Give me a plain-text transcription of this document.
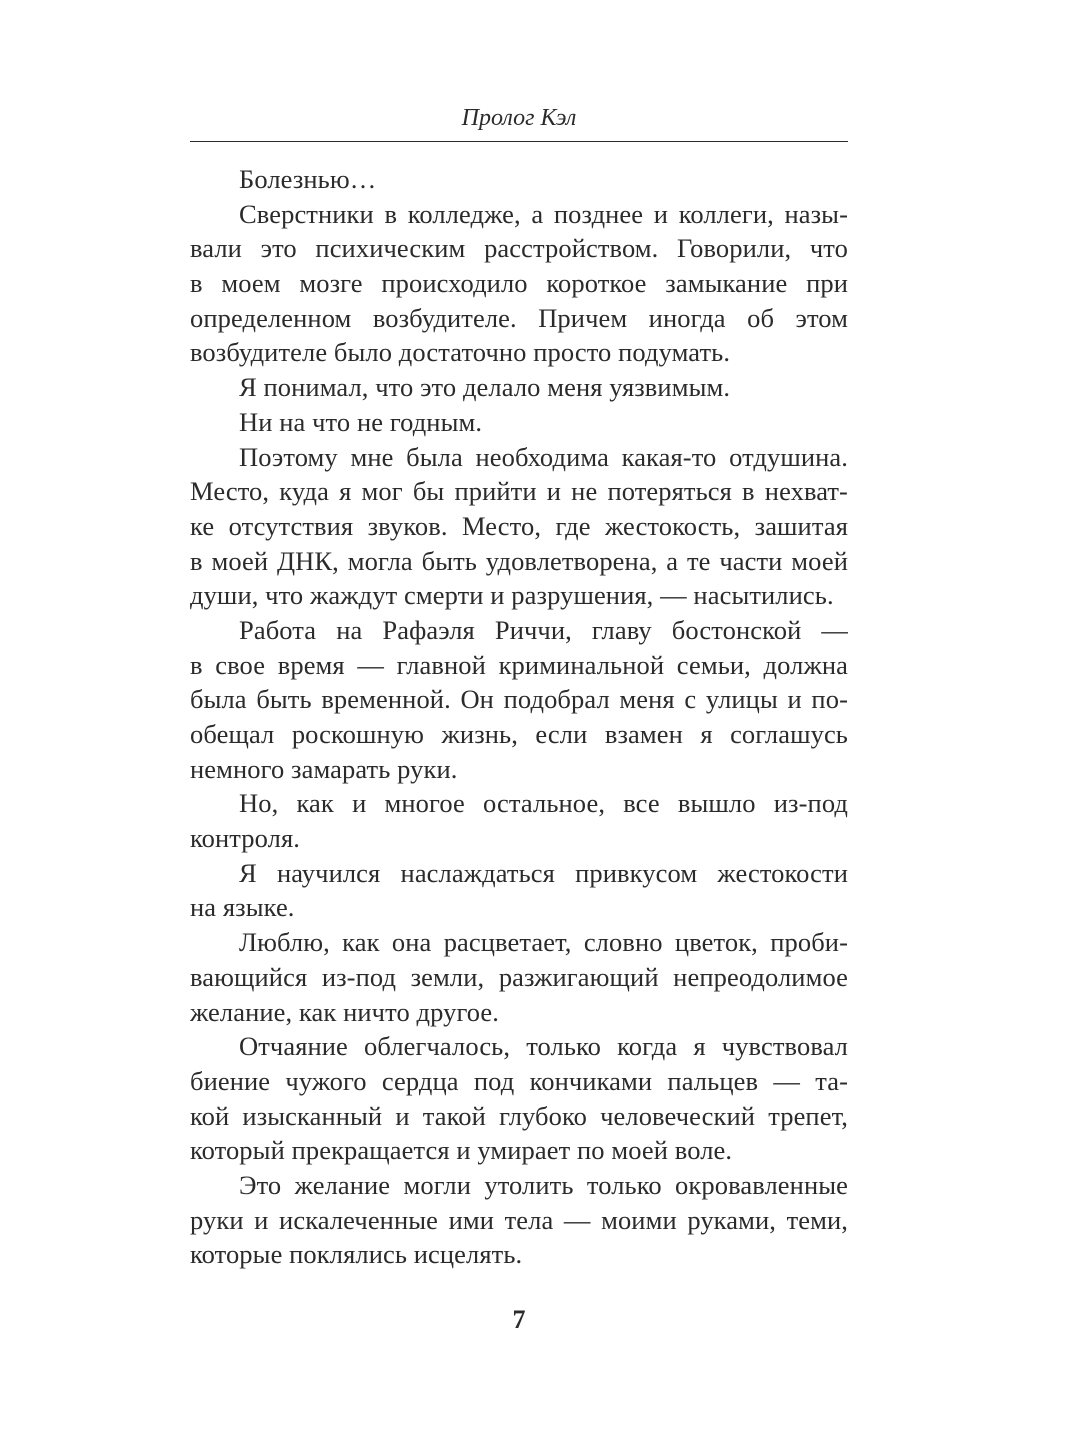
Пролог Кэл
Болезнью…
Сверстники в колледже, а позднее и коллеги, назы-
вали это психическим расстройством. Говорили, что
в моем мозге происходило короткое замыкание при
определенном возбудителе. Причем иногда об этом
возбудителе было достаточно просто подумать.
Я понимал, что это делало меня уязвимым.
Ни на что не годным.
Поэтому мне была необходима какая-то отдушина.
Место, куда я мог бы прийти и не потеряться в нехват-
ке отсутствия звуков. Место, где жестокость, зашитая
в моей ДНК, могла быть удовлетворена, а те части моей
души, что жаждут смерти и разрушения, — насытились.
Работа на Рафаэля Риччи, главу бостонской —
в свое время — главной криминальной семьи, должна
была быть временной. Он подобрал меня с улицы и по-
обещал роскошную жизнь, если взамен я соглашусь
немного замарать руки.
Но, как и многое остальное, все вышло из-под
контроля.
Я научился наслаждаться привкусом жестокости
на языке.
Люблю, как она расцветает, словно цветок, проби-
вающийся из-под земли, разжигающий непреодолимое
желание, как ничто другое.
Отчаяние облегчалось, только когда я чувствовал
биение чужого сердца под кончиками пальцев — та-
кой изысканный и такой глубоко человеческий трепет,
который прекращается и умирает по моей воле.
Это желание могли утолить только окровавленные
руки и искалеченные ими тела — моими руками, теми,
которые поклялись исцелять.
7
